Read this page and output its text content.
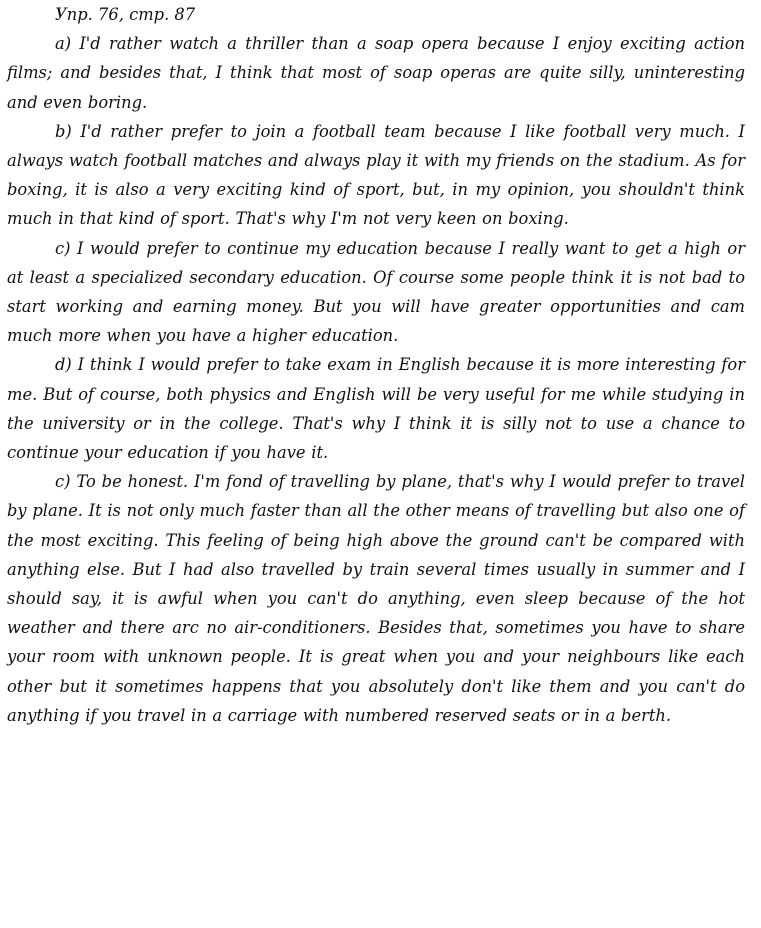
Упр. 76, стр. 87

a) I'd rather watch a thriller than a soap opera because I enjoy exciting action films; and besides that, I think that most of soap operas are quite silly, uninteresting and even boring.

b) I'd rather prefer to join a football team because I like football very much. I always watch football matches and always play it with my friends on the stadium. As for boxing, it is also a very exciting kind of sport, but, in my opinion, you shouldn't think much in that kind of sport. That's why I'm not very keen on boxing.

c) I would prefer to continue my education because I really want to get a high or at least a specialized secondary education. Of course some people think it is not bad to start working and earning money. But you will have greater opportunities and cam much more when you have a higher education.

d) I think I would prefer to take exam in English because it is more interesting for me. But of course, both physics and English will be very useful for me while studying in the university or in the college. That's why I think it is silly not to use a chance to continue your education if you have it.

c) To be honest. I'm fond of travelling by plane, that's why I would prefer to travel by plane. It is not only much faster than all the other means of travelling but also one of the most exciting. This feeling of being high above the ground can't be compared with anything else. But I had also travelled by train several times usually in summer and I should say, it is awful when you can't do anything, even sleep because of the hot weather and there arc no air-conditioners. Besides that, sometimes you have to share your room with unknown people. It is great when you and your neighbours like each other but it sometimes happens that you absolutely don't like them and you can't do anything if you travel in a carriage with numbered reserved seats or in a berth.
